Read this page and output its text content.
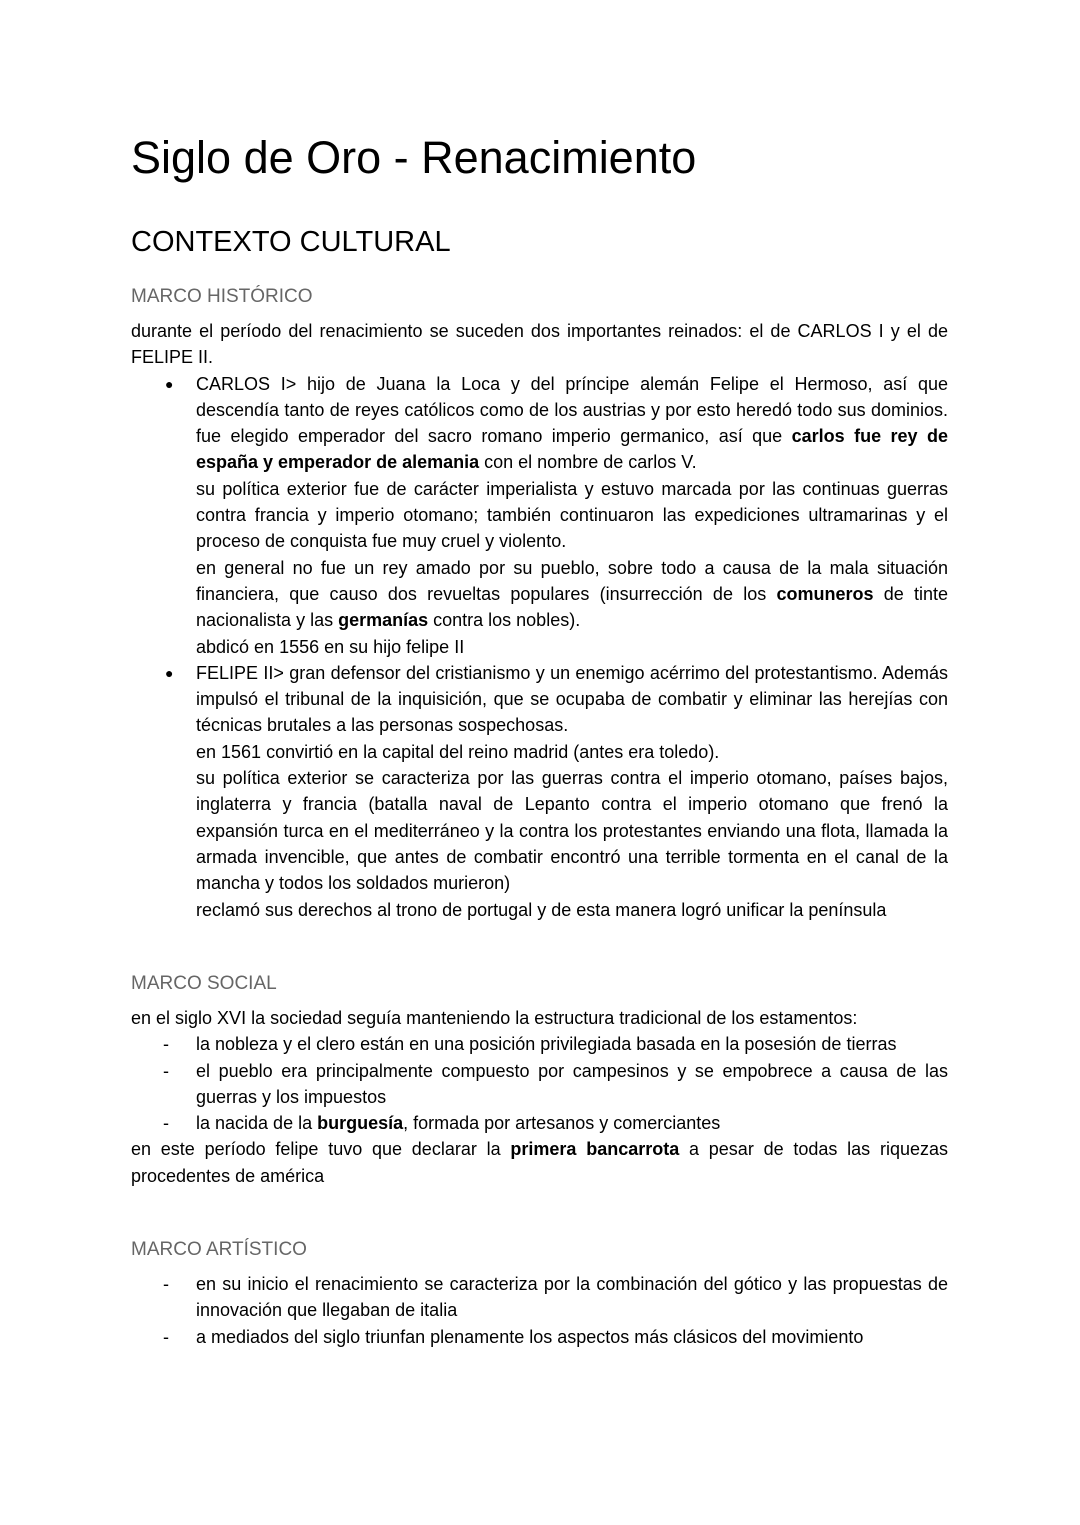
Siglo de Oro - Renacimiento
CONTEXTO CULTURAL
MARCO HISTÓRICO

durante el período del renacimiento se suceden dos importantes reinados: el de CARLOS I y el de FELIPE II.

● CARLOS I> hijo de Juana la Loca y del príncipe alemán Felipe el Hermoso, así que descendía tanto de reyes católicos como de los austrias y por esto heredó todo sus dominios. fue elegido emperador del sacro romano imperio germanico, así que carlos fue rey de españa y emperador de alemania con el nombre de carlos V.
su política exterior fue de carácter imperialista y estuvo marcada por las continuas guerras contra francia y imperio otomano; también continuaron las expediciones ultramarinas y el proceso de conquista fue muy cruel y violento.
en general no fue un rey amado por su pueblo, sobre todo a causa de la mala situación financiera, que causo dos revueltas populares (insurrección de los comuneros de tinte nacionalista y las germanías contra los nobles).
abdicó en 1556 en su hijo felipe II
● FELIPE II> gran defensor del cristianismo y un enemigo acérrimo del protestantismo. Además impulsó el tribunal de la inquisición, que se ocupaba de combatir y eliminar las herejías con técnicas brutales a las personas sospechosas.
en 1561 convirtió en la capital del reino madrid (antes era toledo).
su política exterior se caracteriza por las guerras contra el imperio otomano, países bajos, inglaterra y francia (batalla naval de Lepanto contra el imperio otomano que frenó la expansión turca en el mediterráneo y la contra los protestantes enviando una flota, llamada la armada invencible, que antes de combatir encontró una terrible tormenta en el canal de la mancha y todos los soldados murieron)
reclamó sus derechos al trono de portugal y de esta manera logró unificar la península
MARCO SOCIAL

en el siglo XVI la sociedad seguía manteniendo la estructura tradicional de los estamentos:

- la nobleza y el clero están en una posición privilegiada basada en la posesión de tierras
- el pueblo era principalmente compuesto por campesinos y se empobrece a causa de las guerras y los impuestos
- la nacida de la burguesía, formada por artesanos y comerciantes

en este período felipe tuvo que declarar la primera bancarrota a pesar de todas las riquezas procedentes de américa

MARCO ARTÍSTICO
- en su inicio el renacimiento se caracteriza por la combinación del gótico y las propuestas de innovación que llegaban de italia
- a mediados del siglo triunfan plenamente los aspectos más clásicos del movimiento
